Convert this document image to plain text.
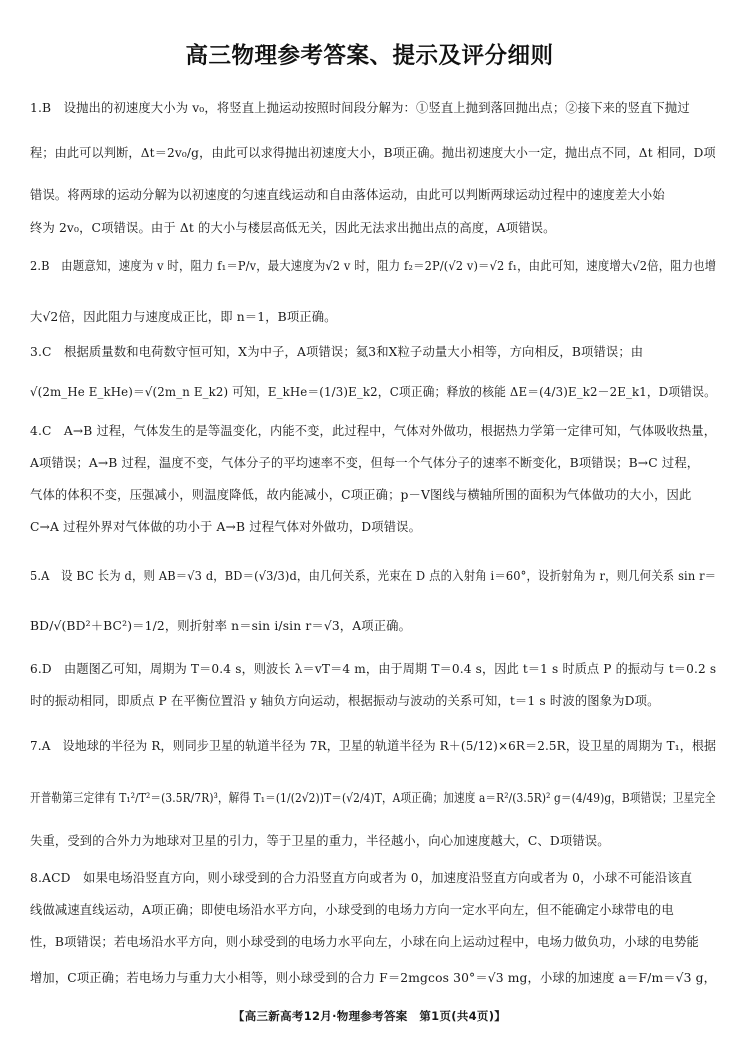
高三物理参考答案、提示及评分细则
1.B　设抛出的初速度大小为 v₀，将竖直上抛运动按照时间段分解为：①竖直上抛到落回抛出点；②接下来的竖直下抛过
程；由此可以判断，Δt＝2v₀/g，由此可以求得抛出初速度大小，B项正确。抛出初速度大小一定，抛出点不同，Δt 相同，D项
错误。将两球的运动分解为以初速度的匀速直线运动和自由落体运动，由此可以判断两球运动过程中的速度差大小始
终为 2v₀，C项错误。由于 Δt 的大小与楼层高低无关，因此无法求出抛出点的高度，A项错误。
2.B　由题意知，速度为 v 时，阻力 f₁＝P/v，最大速度为√2 v 时，阻力 f₂＝2P/(√2 v)＝√2 f₁，由此可知，速度增大√2倍，阻力也增
大√2倍，因此阻力与速度成正比，即 n＝1，B项正确。
3.C　根据质量数和电荷数守恒可知，X为中子，A项错误；氦3和X粒子动量大小相等，方向相反，B项错误；由
√(2m_He E_kHe)＝√(2m_n E_k2) 可知，E_kHe＝(1/3)E_k2，C项正确；释放的核能 ΔE＝(4/3)E_k2－2E_k1，D项错误。
4.C　A→B 过程，气体发生的是等温变化，内能不变，此过程中，气体对外做功，根据热力学第一定律可知，气体吸收热量，
A项错误；A→B 过程，温度不变，气体分子的平均速率不变，但每一个气体分子的速率不断变化，B项错误；B→C 过程，
气体的体积不变，压强减小，则温度降低，故内能减小，C项正确；p－V图线与横轴所围的面积为气体做功的大小，因此
C→A 过程外界对气体做的功小于 A→B 过程气体对外做功，D项错误。
5.A　设 BC 长为 d，则 AB＝√3 d，BD＝(√3/3)d，由几何关系，光束在 D 点的入射角 i＝60°，设折射角为 r，则几何关系 sin r＝
BD/√(BD²＋BC²)＝1/2，则折射率 n＝sin i/sin r＝√3，A项正确。
6.D　由题图乙可知，周期为 T＝0.4 s，则波长 λ＝vT＝4 m，由于周期 T＝0.4 s，因此 t＝1 s 时质点 P 的振动与 t＝0.2 s
时的振动相同，即质点 P 在平衡位置沿 y 轴负方向运动，根据振动与波动的关系可知，t＝1 s 时波的图象为D项。
7.A　设地球的半径为 R，则同步卫星的轨道半径为 7R，卫星的轨道半径为 R＋(5/12)×6R＝2.5R，设卫星的周期为 T₁，根据
开普勒第三定律有 T₁²/T²＝(3.5R/7R)³，解得 T₁＝(1/(2√2))T＝(√2/4)T，A项正确；加速度 a＝R²/(3.5R)² g＝(4/49)g，B项错误；卫星完全
失重，受到的合外力为地球对卫星的引力，等于卫星的重力，半径越小，向心加速度越大，C、D项错误。
8.ACD　如果电场沿竖直方向，则小球受到的合力沿竖直方向或者为 0，加速度沿竖直方向或者为 0，小球不可能沿该直
线做减速直线运动，A项正确；即使电场沿水平方向，小球受到的电场力方向一定水平向左，但不能确定小球带电的电
性，B项错误；若电场沿水平方向，则小球受到的电场力水平向左，小球在向上运动过程中，电场力做负功，小球的电势能
增加，C项正确；若电场力与重力大小相等，则小球受到的合力 F＝2mgcos 30°＝√3 mg，小球的加速度 a＝F/m＝√3 g，
【高三新高考12月·物理参考答案　第1页(共4页)】
